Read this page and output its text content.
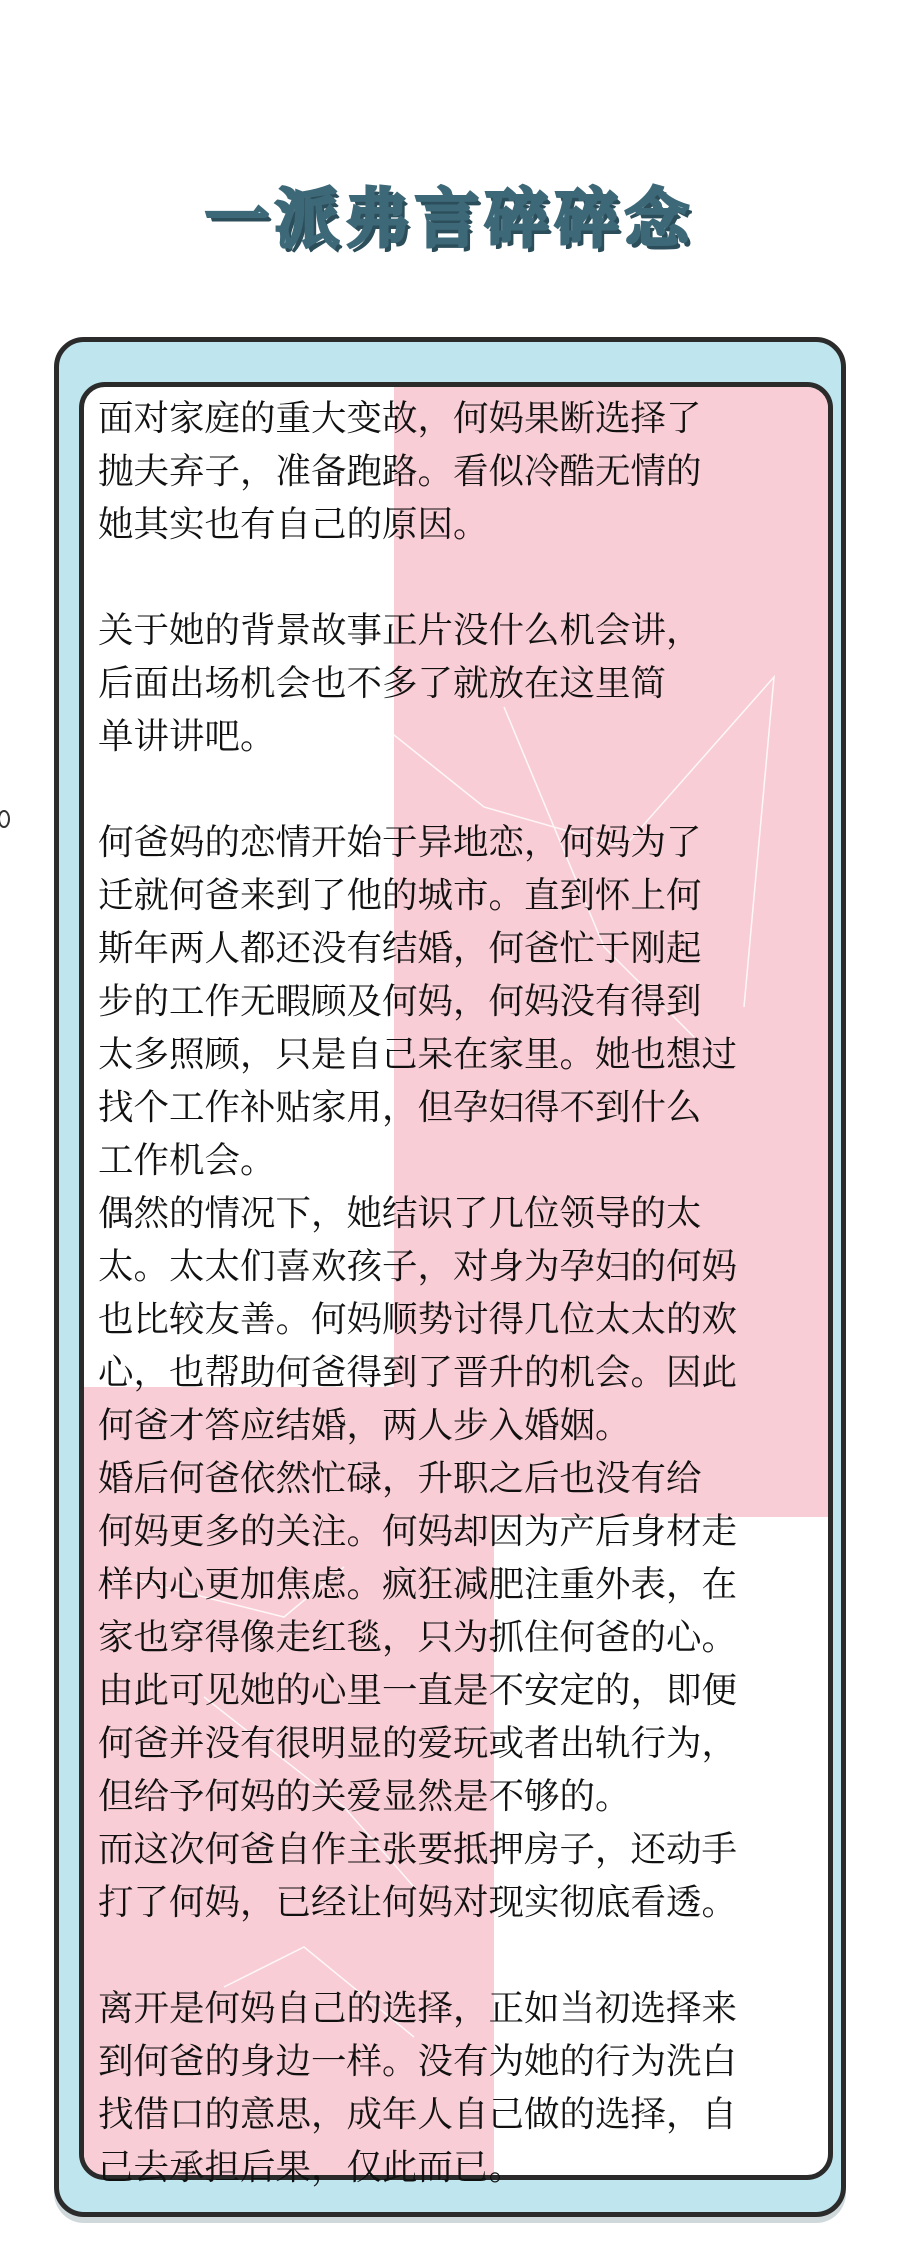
一派弗言碎碎念
面对家庭的重大变故，何妈果断选择了
抛夫弃子，准备跑路。看似冷酷无情的
她其实也有自己的原因。
关于她的背景故事正片没什么机会讲，
后面出场机会也不多了就放在这里简
单讲讲吧。
何爸妈的恋情开始于异地恋，何妈为了
迁就何爸来到了他的城市。直到怀上何
斯年两人都还没有结婚，何爸忙于刚起
步的工作无暇顾及何妈，何妈没有得到
太多照顾，只是自己呆在家里。她也想过
找个工作补贴家用，但孕妇得不到什么
工作机会。
偶然的情况下，她结识了几位领导的太
太。太太们喜欢孩子，对身为孕妇的何妈
也比较友善。何妈顺势讨得几位太太的欢
心，也帮助何爸得到了晋升的机会。因此
何爸才答应结婚，两人步入婚姻。
婚后何爸依然忙碌，升职之后也没有给
何妈更多的关注。何妈却因为产后身材走
样内心更加焦虑。疯狂减肥注重外表，在
家也穿得像走红毯，只为抓住何爸的心。
由此可见她的心里一直是不安定的，即便
何爸并没有很明显的爱玩或者出轨行为，
但给予何妈的关爱显然是不够的。
而这次何爸自作主张要抵押房子，还动手
打了何妈，已经让何妈对现实彻底看透。
离开是何妈自己的选择，正如当初选择来
到何爸的身边一样。没有为她的行为洗白
找借口的意思，成年人自己做的选择，自
己去承担后果，仅此而已。
